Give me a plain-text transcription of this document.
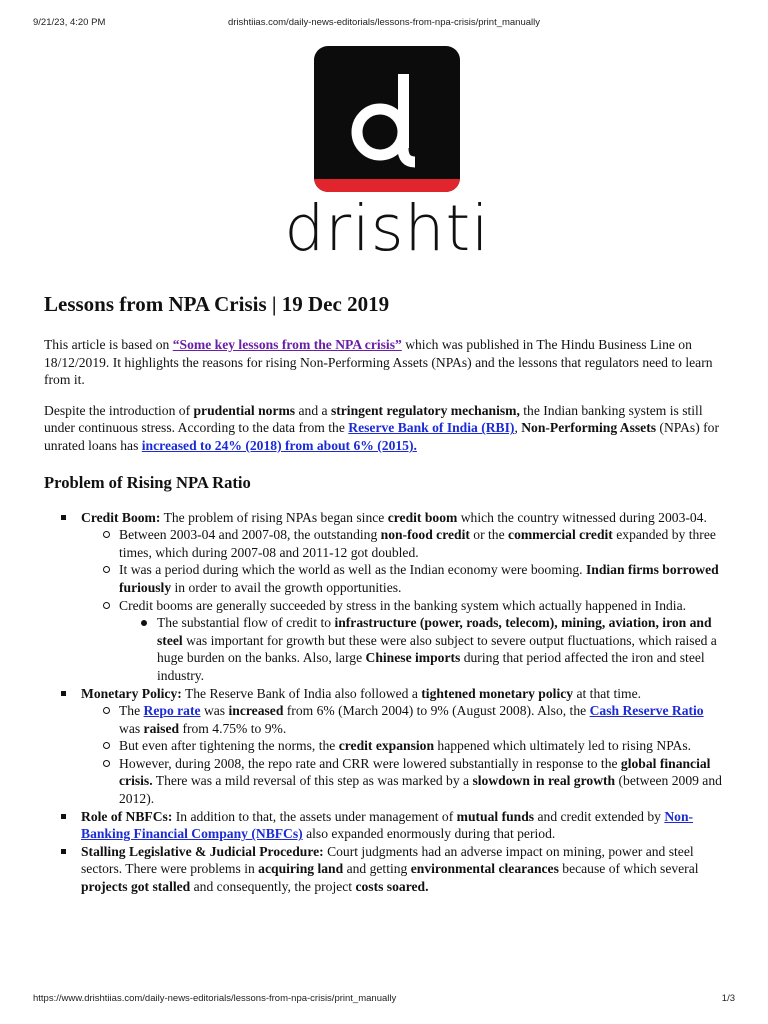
9/21/23, 4:20 PM	drishtiias.com/daily-news-editorials/lessons-from-npa-crisis/print_manually
drishti
Lessons from NPA Crisis | 19 Dec 2019

This article is based on “Some key lessons from the NPA crisis” which was published in The Hindu Business Line on 18/12/2019. It highlights the reasons for rising Non-Performing Assets (NPAs) and the lessons that regulators need to learn from it.

Despite the introduction of prudential norms and a stringent regulatory mechanism, the Indian banking system is still under continuous stress. According to the data from the Reserve Bank of India (RBI), Non-Performing Assets (NPAs) for unrated loans has increased to 24% (2018) from about 6% (2015).

Problem of Rising NPA Ratio
Credit Boom: The problem of rising NPAs began since credit boom which the country witnessed during 2003-04.
Between 2003-04 and 2007-08, the outstanding non-food credit or the commercial credit expanded by three times, which during 2007-08 and 2011-12 got doubled.
It was a period during which the world as well as the Indian economy were booming. Indian firms borrowed furiously in order to avail the growth opportunities.
Credit booms are generally succeeded by stress in the banking system which actually happened in India.
The substantial flow of credit to infrastructure (power, roads, telecom), mining, aviation, iron and steel was important for growth but these were also subject to severe output fluctuations, which raised a huge burden on the banks. Also, large Chinese imports during that period affected the iron and steel industry.
Monetary Policy: The Reserve Bank of India also followed a tightened monetary policy at that time.
The Repo rate was increased from 6% (March 2004) to 9% (August 2008). Also, the Cash Reserve Ratio was raised from 4.75% to 9%.
But even after tightening the norms, the credit expansion happened which ultimately led to rising NPAs.
However, during 2008, the repo rate and CRR were lowered substantially in response to the global financial crisis. There was a mild reversal of this step as was marked by a slowdown in real growth (between 2009 and 2012).
Role of NBFCs: In addition to that, the assets under management of mutual funds and credit extended by Non-Banking Financial Company (NBFCs) also expanded enormously during that period.
Stalling Legislative & Judicial Procedure: Court judgments had an adverse impact on mining, power and steel sectors. There were problems in acquiring land and getting environmental clearances because of which several projects got stalled and consequently, the project costs soared.
https://www.drishtiias.com/daily-news-editorials/lessons-from-npa-crisis/print_manually	1/3
